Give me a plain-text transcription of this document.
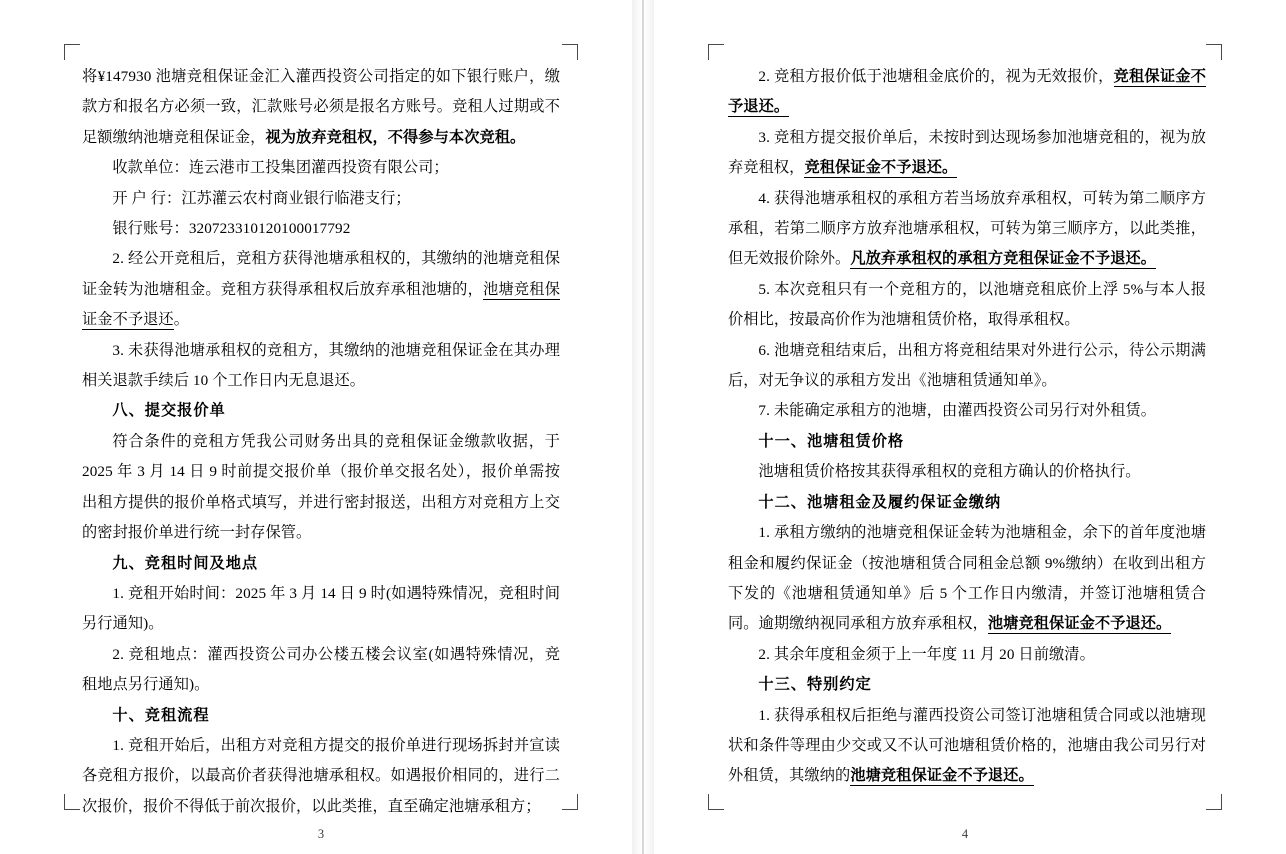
将¥147930 池塘竞租保证金汇入灌西投资公司指定的如下银行账户，缴款方和报名方必须一致，汇款账号必须是报名方账号。竞租人过期或不足额缴纳池塘竞租保证金，视为放弃竞租权，不得参与本次竞租。

收款单位：连云港市工投集团灌西投资有限公司；

开 户 行：江苏灌云农村商业银行临港支行；

银行账号：320723310120100017792

2. 经公开竞租后，竞租方获得池塘承租权的，其缴纳的池塘竞租保证金转为池塘租金。竞租方获得承租权后放弃承租池塘的，池塘竞租保证金不予退还。

3. 未获得池塘承租权的竞租方，其缴纳的池塘竞租保证金在其办理相关退款手续后 10 个工作日内无息退还。

八、提交报价单

符合条件的竞租方凭我公司财务出具的竞租保证金缴款收据，于 2025 年 3 月 14 日 9 时前提交报价单（报价单交报名处），报价单需按出租方提供的报价单格式填写，并进行密封报送，出租方对竞租方上交的密封报价单进行统一封存保管。

九、竞租时间及地点

1. 竞租开始时间：2025 年 3 月 14 日 9 时(如遇特殊情况，竞租时间另行通知)。

2. 竞租地点：灌西投资公司办公楼五楼会议室(如遇特殊情况，竞租地点另行通知)。

十、竞租流程

1. 竞租开始后，出租方对竞租方提交的报价单进行现场拆封并宣读各竞租方报价，以最高价者获得池塘承租权。如遇报价相同的，进行二次报价，报价不得低于前次报价，以此类推，直至确定池塘承租方；

3

2. 竞租方报价低于池塘租金底价的，视为无效报价，竞租保证金不予退还。

3. 竞租方提交报价单后，未按时到达现场参加池塘竞租的，视为放弃竞租权，竞租保证金不予退还。

4. 获得池塘承租权的承租方若当场放弃承租权，可转为第二顺序方承租，若第二顺序方放弃池塘承租权，可转为第三顺序方，以此类推，但无效报价除外。凡放弃承租权的承租方竞租保证金不予退还。

5. 本次竞租只有一个竞租方的，以池塘竞租底价上浮 5%与本人报价相比，按最高价作为池塘租赁价格，取得承租权。

6. 池塘竞租结束后，出租方将竞租结果对外进行公示，待公示期满后，对无争议的承租方发出《池塘租赁通知单》。

7. 未能确定承租方的池塘，由灌西投资公司另行对外租赁。

十一、池塘租赁价格

池塘租赁价格按其获得承租权的竞租方确认的价格执行。

十二、池塘租金及履约保证金缴纳

1. 承租方缴纳的池塘竞租保证金转为池塘租金，余下的首年度池塘租金和履约保证金（按池塘租赁合同租金总额 9%缴纳）在收到出租方下发的《池塘租赁通知单》后 5 个工作日内缴清，并签订池塘租赁合同。逾期缴纳视同承租方放弃承租权，池塘竞租保证金不予退还。

2. 其余年度租金须于上一年度 11 月 20 日前缴清。

十三、特别约定

1. 获得承租权后拒绝与灌西投资公司签订池塘租赁合同或以池塘现状和条件等理由少交或又不认可池塘租赁价格的，池塘由我公司另行对外租赁，其缴纳的池塘竞租保证金不予退还。

4
